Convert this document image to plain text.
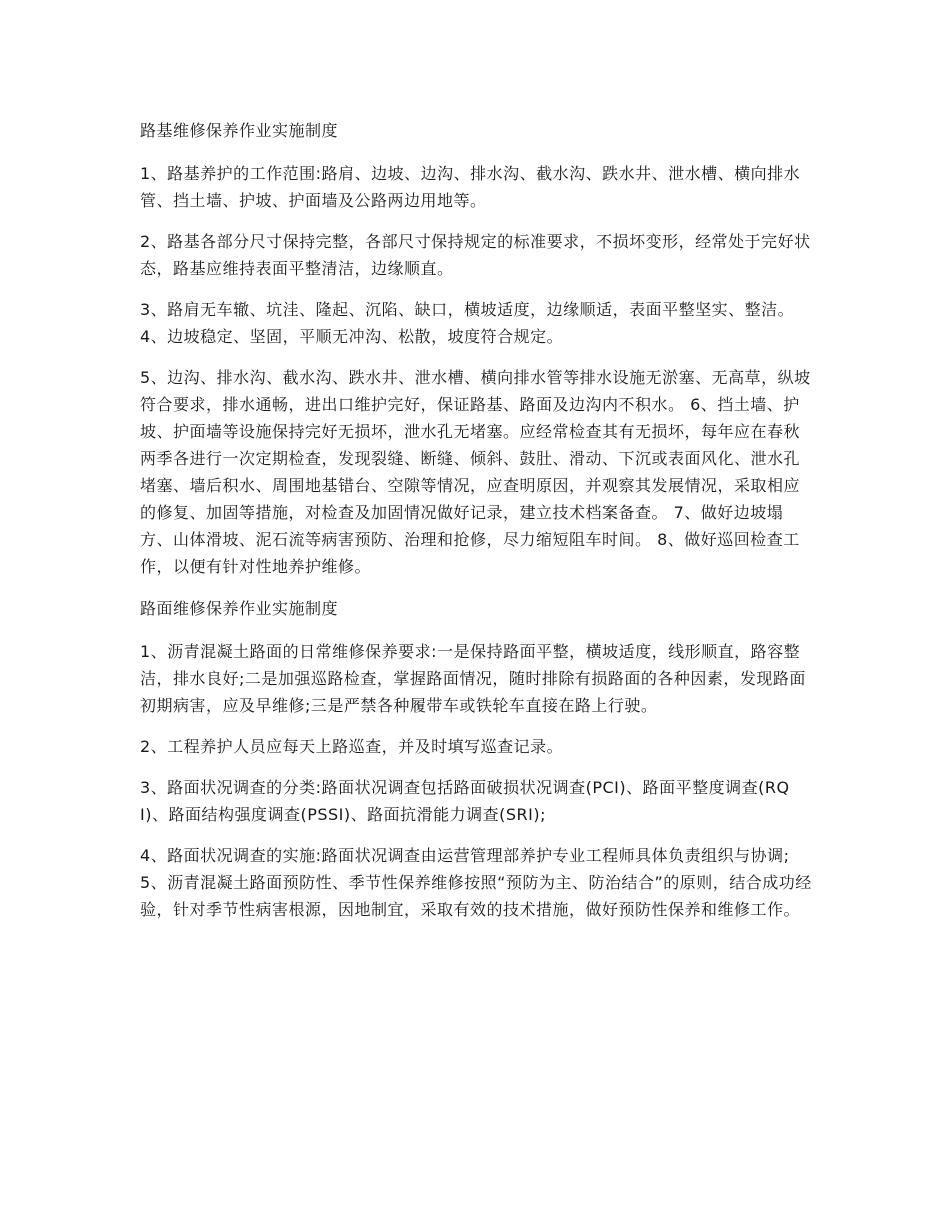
路基维修保养作业实施制度

1、路基养护的工作范围:路肩、边坡、边沟、排水沟、截水沟、跌水井、泄水槽、横向排水管、挡土墙、护坡、护面墙及公路两边用地等。

2、路基各部分尺寸保持完整，各部尺寸保持规定的标准要求，不损坏变形，经常处于完好状态，路基应维持表面平整清洁，边缘顺直。

3、路肩无车辙、坑洼、隆起、沉陷、缺口，横坡适度，边缘顺适，表面平整坚实、整洁。 4、边坡稳定、坚固，平顺无冲沟、松散，坡度符合规定。

5、边沟、排水沟、截水沟、跌水井、泄水槽、横向排水管等排水设施无淤塞、无高草，纵坡符合要求，排水通畅，进出口维护完好，保证路基、路面及边沟内不积水。 6、挡土墙、护坡、护面墙等设施保持完好无损坏，泄水孔无堵塞。应经常检查其有无损坏，每年应在春秋两季各进行一次定期检查，发现裂缝、断缝、倾斜、鼓肚、滑动、下沉或表面风化、泄水孔堵塞、墙后积水、周围地基错台、空隙等情况，应查明原因，并观察其发展情况，采取相应的修复、加固等措施，对检查及加固情况做好记录，建立技术档案备查。 7、做好边坡塌方、山体滑坡、泥石流等病害预防、治理和抢修，尽力缩短阻车时间。 8、做好巡回检查工作，以便有针对性地养护维修。

路面维修保养作业实施制度

1、沥青混凝土路面的日常维修保养要求:一是保持路面平整，横坡适度，线形顺直，路容整洁，排水良好;二是加强巡路检查，掌握路面情况，随时排除有损路面的各种因素，发现路面初期病害，应及早维修;三是严禁各种履带车或铁轮车直接在路上行驶。

2、工程养护人员应每天上路巡查，并及时填写巡查记录。

3、路面状况调查的分类:路面状况调查包括路面破损状况调查(PCI)、路面平整度调查(RQI)、路面结构强度调查(PSSI)、路面抗滑能力调查(SRI);

4、路面状况调查的实施:路面状况调查由运营管理部养护专业工程师具体负责组织与协调; 5、沥青混凝土路面预防性、季节性保养维修按照“预防为主、防治结合”的原则，结合成功经验，针对季节性病害根源，因地制宜，采取有效的技术措施，做好预防性保养和维修工作。
